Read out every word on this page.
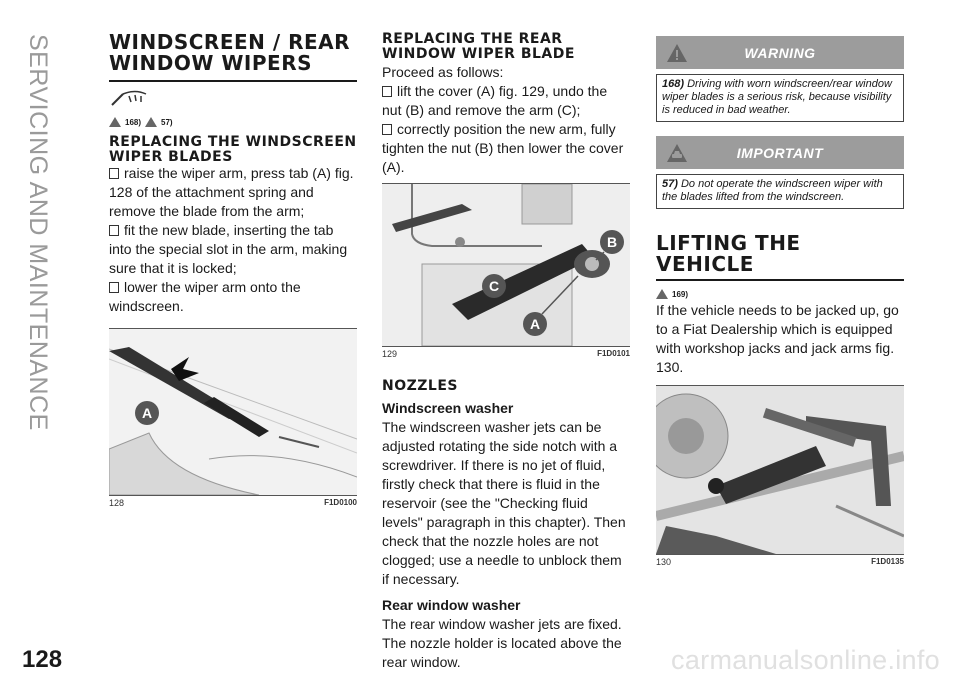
SERVICING AND MAINTENANCE
128	carmanualsonline.info
WINDSCREEN / REAR WINDOW WIPERS
168)	57)
REPLACING THE WINDSCREEN WIPER BLADES

raise the wiper arm, press tab (A) fig. 128 of the attachment spring and remove the blade from the arm;

fit the new blade, inserting the tab into the special slot in the arm, making sure that it is locked;

lower the wiper arm onto the windscreen.

A
128	F1D0100
REPLACING THE REAR WINDOW WIPER BLADE

Proceed as follows:

lift the cover (A) fig. 129, undo the nut (B) and remove the arm (C);

correctly position the new arm, fully tighten the nut (B) then lower the cover (A).

B
C
A
129	F1D0101
NOZZLES
Windscreen washer

The windscreen washer jets can be adjusted rotating the side notch with a screwdriver. If there is no jet of fluid, firstly check that there is fluid in the reservoir (see the "Checking fluid levels" paragraph in this chapter). Then check that the nozzle holes are not clogged; use a needle to unblock them if necessary.

Rear window washer

The rear window washer jets are fixed. The nozzle holder is located above the rear window.

WARNING
168) Driving with worn windscreen/rear window wiper blades is a serious risk, because visibility is reduced in bad weather.
IMPORTANT
57) Do not operate the windscreen wiper with the blades lifted from the windscreen.
LIFTING THE VEHICLE
169)

If the vehicle needs to be jacked up, go to a Fiat Dealership which is equipped with workshop jacks and jack arms fig. 130.

130	F1D0135
